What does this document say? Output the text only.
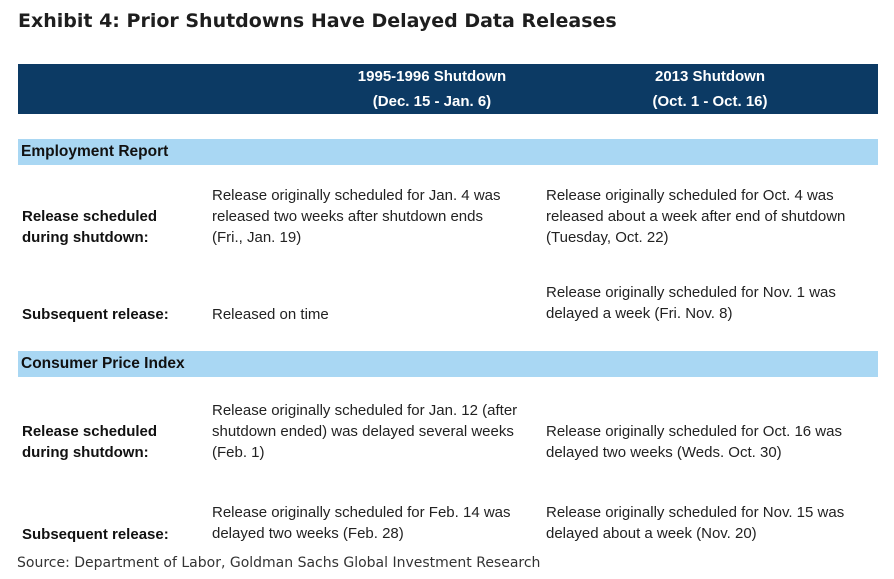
Exhibit 4: Prior Shutdowns Have Delayed Data Releases
1995-1996 Shutdown
(Dec. 15 - Jan. 6)
2013 Shutdown
(Oct. 1 - Oct. 16)
Employment Report
Release scheduled
during shutdown:
Release originally scheduled for Jan. 4 was
released two weeks after shutdown ends
(Fri., Jan. 19)
Release originally scheduled for Oct. 4 was
released about a week after end of shutdown
(Tuesday, Oct. 22)
Subsequent release:	Released on time
Release originally scheduled for Nov. 1 was
delayed a week (Fri. Nov. 8)
Consumer Price Index
Release scheduled
during shutdown:
Release originally scheduled for Jan. 12 (after
shutdown ended) was delayed several weeks
(Feb. 1)
Release originally scheduled for Oct. 16 was
delayed two weeks (Weds. Oct. 30)
Subsequent release:
Release originally scheduled for Feb. 14 was
delayed two weeks (Feb. 28)
Release originally scheduled for Nov. 15 was
delayed about a week (Nov. 20)
Source: Department of Labor, Goldman Sachs Global Investment Research
